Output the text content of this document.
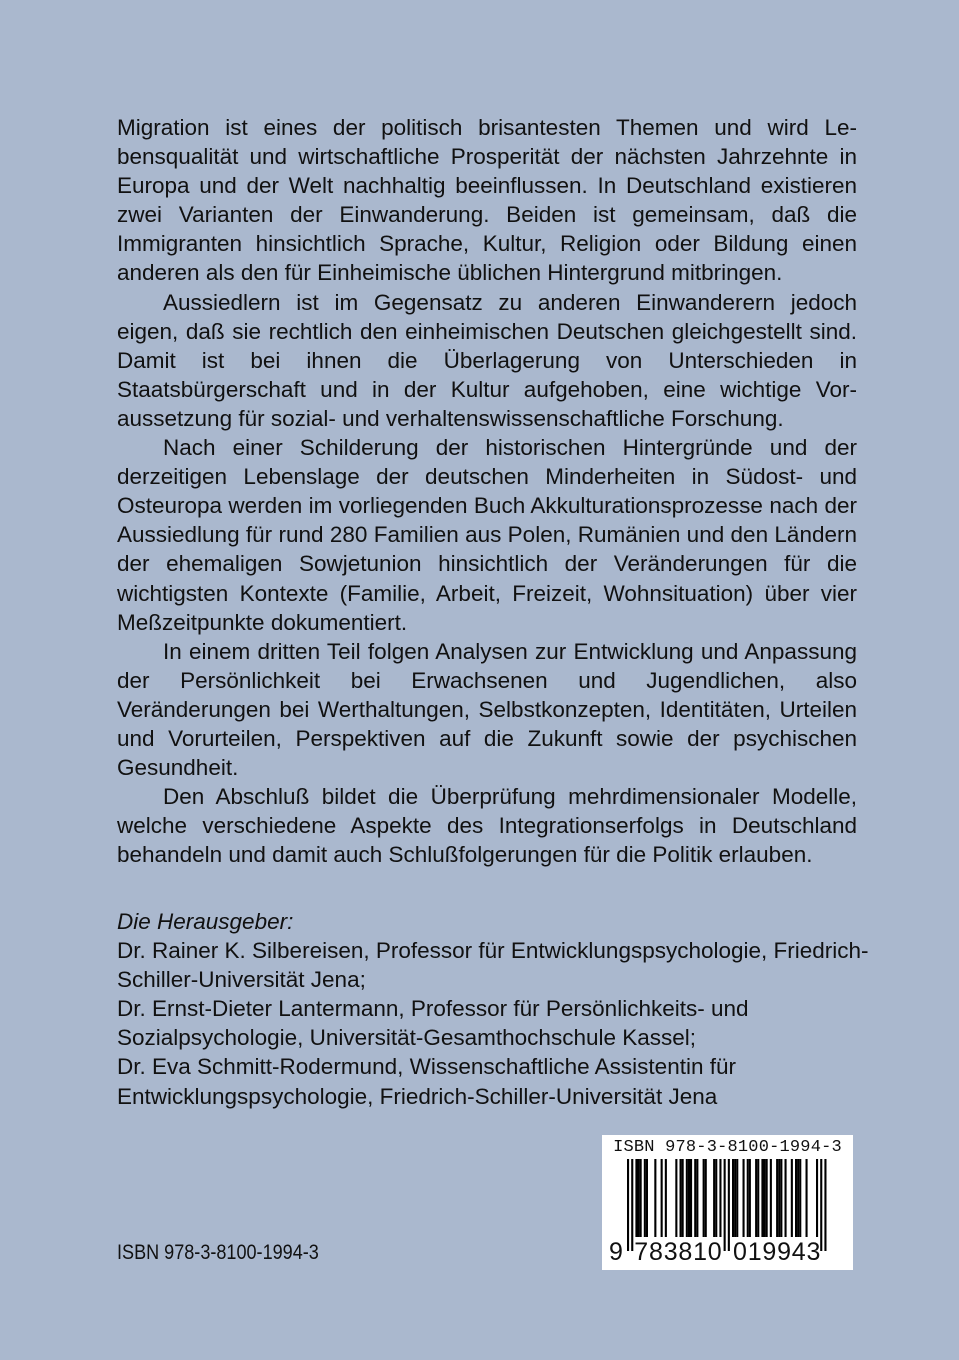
Migration ist eines der politisch brisantesten Themen und wird Lebensqualität und wirtschaftliche Prosperität der nächsten Jahrzehnte in Europa und der Welt nachhaltig beeinflussen. In Deutschland existieren zwei Varianten der Einwanderung. Beiden ist gemeinsam, daß die Immigranten hinsichtlich Sprache, Kultur, Religion oder Bildung einen anderen als den für Einheimische üblichen Hintergrund mitbringen.

Aussiedlern ist im Gegensatz zu anderen Einwanderern jedoch eigen, daß sie rechtlich den einheimischen Deutschen gleichgestellt sind. Damit ist bei ihnen die Überlagerung von Unterschieden in Staatsbürgerschaft und in der Kultur aufgehoben, eine wichtige Voraussetzung für sozial- und verhaltenswissenschaftliche Forschung.

Nach einer Schilderung der historischen Hintergründe und der derzeitigen Lebenslage der deutschen Minderheiten in Südost- und Osteuropa werden im vorliegenden Buch Akkulturationsprozesse nach der Aussiedlung für rund 280 Familien aus Polen, Rumänien und den Ländern der ehemaligen Sowjetunion hinsichtlich der Veränderungen für die wichtigsten Kontexte (Familie, Arbeit, Freizeit, Wohnsituation) über vier Meßzeitpunkte dokumentiert.

In einem dritten Teil folgen Analysen zur Entwicklung und Anpassung der Persönlichkeit bei Erwachsenen und Jugendlichen, also Veränderungen bei Werthaltungen, Selbstkonzepten, Identitäten, Urteilen und Vorurteilen, Perspektiven auf die Zukunft sowie der psychischen Gesundheit.

Den Abschluß bildet die Überprüfung mehrdimensionaler Modelle, welche verschiedene Aspekte des Integrationserfolgs in Deutschland behandeln und damit auch Schlußfolgerungen für die Politik erlauben.

Die Herausgeber:

Dr. Rainer K. Silbereisen, Professor für Entwicklungspsychologie, Friedrich-Schiller-Universität Jena;

Dr. Ernst-Dieter Lantermann, Professor für Persönlichkeits- und Sozialpsychologie, Universität-Gesamthochschule Kassel;

Dr. Eva Schmitt-Rodermund, Wissenschaftliche Assistentin für Entwicklungspsychologie, Friedrich-Schiller-Universität Jena

ISBN 978-3-8100-1994-3
ISBN 978-3-8100-1994-3
9 7 8 3 8 1 0 0 1 9 9 4 3
